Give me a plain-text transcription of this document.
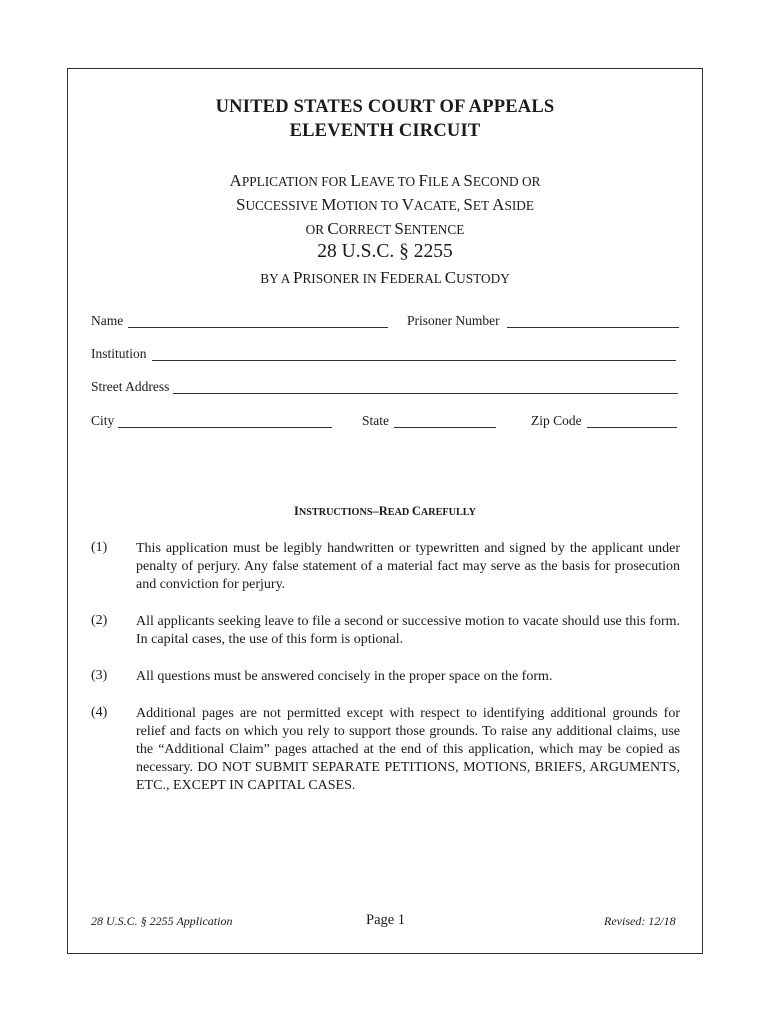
UNITED STATES COURT OF APPEALS
ELEVENTH CIRCUIT
APPLICATION FOR LEAVE TO FILE A SECOND OR
SUCCESSIVE MOTION TO VACATE, SET ASIDE
OR CORRECT SENTENCE
28 U.S.C. § 2255
BY A PRISONER IN FEDERAL CUSTODY
Name	Prisoner Number
Institution
Street Address
City	State	Zip Code
INSTRUCTIONS–READ CAREFULLY
(1) This application must be legibly handwritten or typewritten and signed by the applicant under penalty of perjury. Any false statement of a material fact may serve as the basis for prosecution and conviction for perjury.
(2) All applicants seeking leave to file a second or successive motion to vacate should use this form. In capital cases, the use of this form is optional.
(3) All questions must be answered concisely in the proper space on the form.
(4) Additional pages are not permitted except with respect to identifying additional grounds for relief and facts on which you rely to support those grounds. To raise any additional claims, use the “Additional Claim” pages attached at the end of this application, which may be copied as necessary. DO NOT SUBMIT SEPARATE PETITIONS, MOTIONS, BRIEFS, ARGUMENTS, ETC., EXCEPT IN CAPITAL CASES.
28 U.S.C. § 2255 Application	Page 1	Revised: 12/18
